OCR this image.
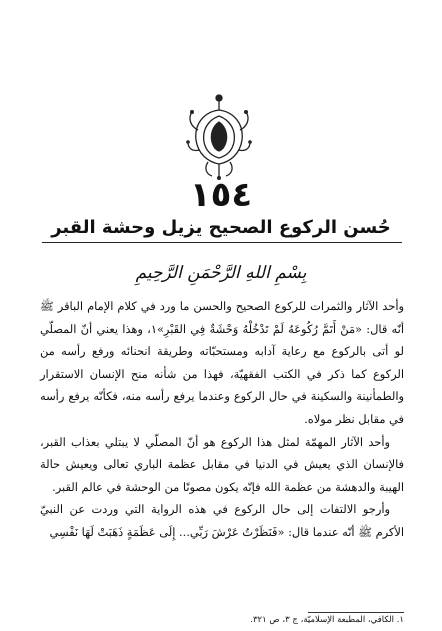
١٥٤
حُسن الركوع الصحيح يزيل وحشة القبر
بِسْمِ اللهِ الرَّحْمَنِ الرَّحِيمِ

وأحد الآثار والثمرات للركوع الصحيح والحسن ما ورد في كلام الإمام الباقر ﷺ أنّه قال: «مَنْ أَتَمَّ رُكُوعَهُ لَمْ تَدْخُلْهُ وَحْشَةٌ فِي القَبْرِ»١، وهذا يعني أنّ المصلّي لو أتى بالركوع مع رعاية آدابه ومستحبّاته وطريقة انحنائه ورفع رأسه من الركوع كما ذكر في الكتب الفقهيّة، فهذا من شأنه منح الإنسان الاستقرار والطمأنينة والسكينة في حال الركوع وعندما يرفع رأسه منه، فكأنّه يرفع رأسه في مقابل نظر مولاه.

وأحد الآثار المهمّة لمثل هذا الركوع هو أنّ المصلّي لا يبتلي بعذاب القبر، فالإنسان الذي يعيش في الدنيا في مقابل عظمة الباري تعالى ويعيش حالة الهيبة والدهشة من عظمة الله فإنّه يكون مصونًا من الوحشة في عالم القبر.

وأرجو الالتفات إلى حال الركوع في هذه الرواية التي وردت عن النبيّ الأكرم ﷺ أنّه عندما قال: «فَنَظَرْتُ عَرْشَ رَبِّي... إِلَى عَظَمَةٍ ذَهَبَتْ لَهَا نَفْسِي

١. الكافي، المطبعة الإسلاميّة، ج ٣، ص ٣٢١.
